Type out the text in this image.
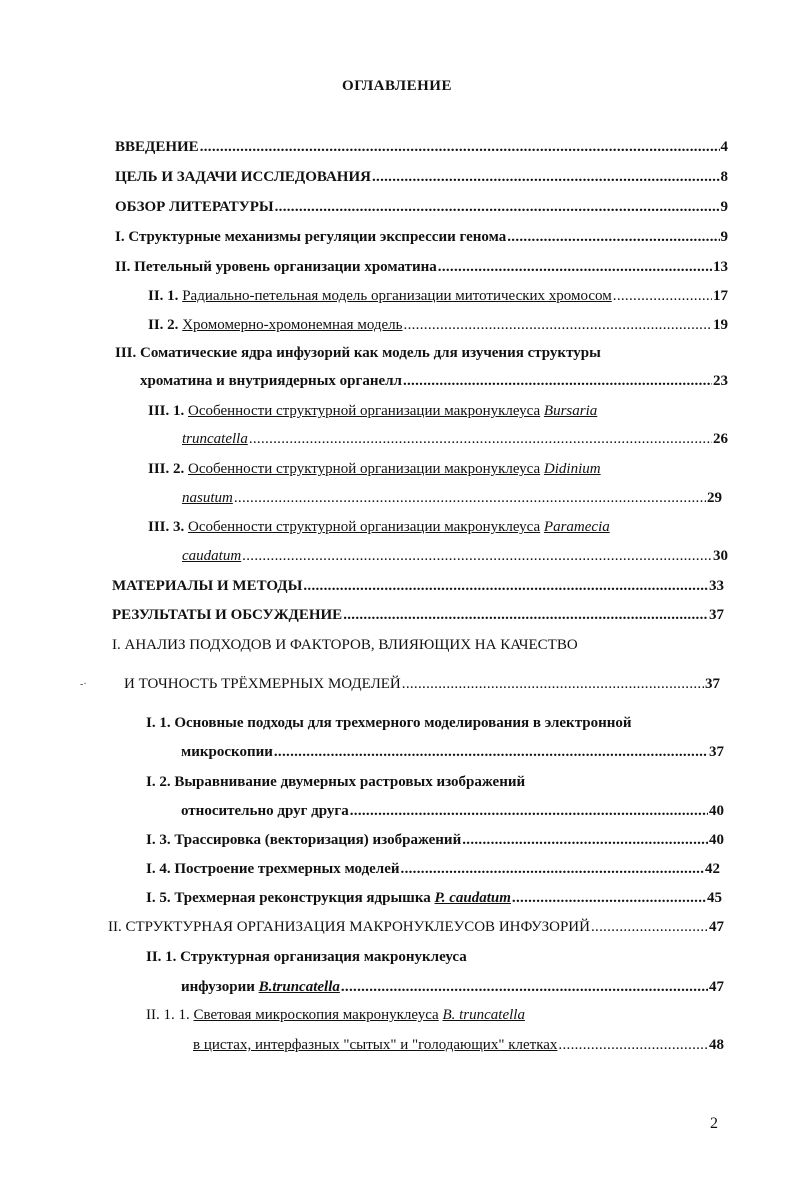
ОГЛАВЛЕНИЕ
ВВЕДЕНИЕ .....	4
ЦЕЛЬ И ЗАДАЧИ ИССЛЕДОВАНИЯ .....	8
ОБЗОР ЛИТЕРАТУРЫ .....	9
I. Структурные механизмы регуляции экспрессии генома .....	9
II. Петельный уровень организации хроматина .....	13
II. 1. Радиально-петельная модель организации митотических хромосом .....	17
II. 2. Хромомерно-хромонемная модель .....	19
III. Соматические ядра инфузорий как модель для изучения структуры
хроматина и внутриядерных органелл .....	23
III. 1. Особенности структурной организации макронуклеуса Bursaria
truncatella .....	26
III. 2. Особенности структурной организации макронуклеуса Didinium
nasutum .....	29
III. 3. Особенности структурной организации макронуклеуса Paramecia
caudatum .....	30
МАТЕРИАЛЫ И МЕТОДЫ .....	33
РЕЗУЛЬТАТЫ И ОБСУЖДЕНИЕ .....	37
I. АНАЛИЗ ПОДХОДОВ И ФАКТОРОВ, ВЛИЯЮЩИХ НА КАЧЕСТВО
-· И ТОЧНОСТЬ ТРЁХМЕРНЫХ МОДЕЛЕЙ .....	37
I. 1. Основные подходы для трехмерного моделирования в электронной
микроскопии .....	37
I. 2. Выравнивание двумерных растровых изображений
относительно друг друга .....	40
I. 3. Трассировка (векторизация) изображений .....	40
I. 4. Построение трехмерных моделей .....	42
I. 5. Трехмерная реконструкция ядрышка P. caudatum .....	45
II. СТРУКТУРНАЯ ОРГАНИЗАЦИЯ МАКРОНУКЛЕУСОВ ИНФУЗОРИЙ .....	47
II. 1. Структурная организация макронуклеуса
инфузории B.truncatella .....	47
II. 1. 1. Световая микроскопия макронуклеуса B. truncatella
в цистах, интерфазных "сытых" и "голодающих" клетках .....	48
2
